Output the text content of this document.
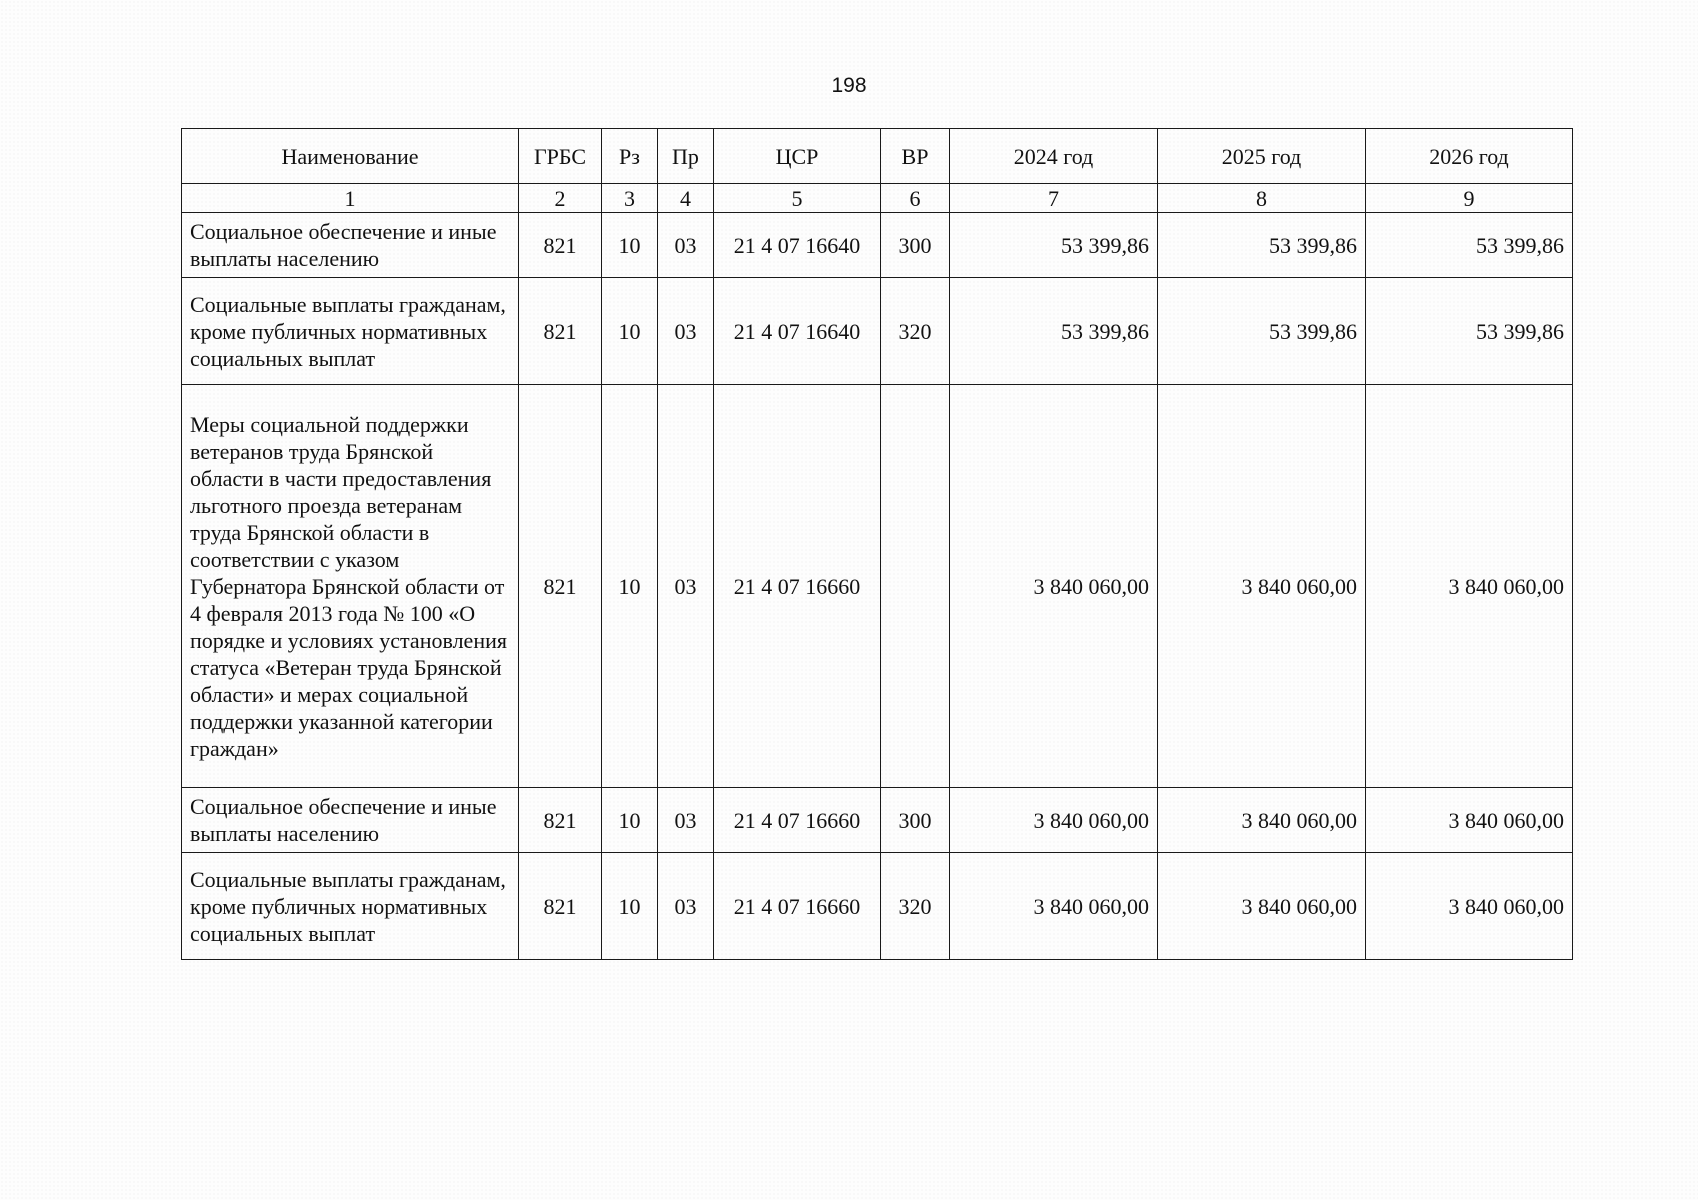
198
Наименование	ГРБС	Рз	Пр	ЦСР	ВР	2024 год	2025 год	2026 год
1	2	3	4	5	6	7	8	9
Социальное обеспечение и иные выплаты населению	821	10	03	21 4 07 16640	300	53 399,86	53 399,86	53 399,86
Социальные выплаты гражданам, кроме публичных нормативных социальных выплат	821	10	03	21 4 07 16640	320	53 399,86	53 399,86	53 399,86
Меры социальной поддержки ветеранов труда Брянской области в части предоставления льготного проезда ветеранам труда Брянской области в соответствии с указом Губернатора Брянской области от 4 февраля 2013 года № 100 «О порядке и условиях установления статуса «Ветеран труда Брянской области» и мерах социальной поддержки указанной категории граждан»	821	10	03	21 4 07 16660		3 840 060,00	3 840 060,00	3 840 060,00
Социальное обеспечение и иные выплаты населению	821	10	03	21 4 07 16660	300	3 840 060,00	3 840 060,00	3 840 060,00
Социальные выплаты гражданам, кроме публичных нормативных социальных выплат	821	10	03	21 4 07 16660	320	3 840 060,00	3 840 060,00	3 840 060,00
